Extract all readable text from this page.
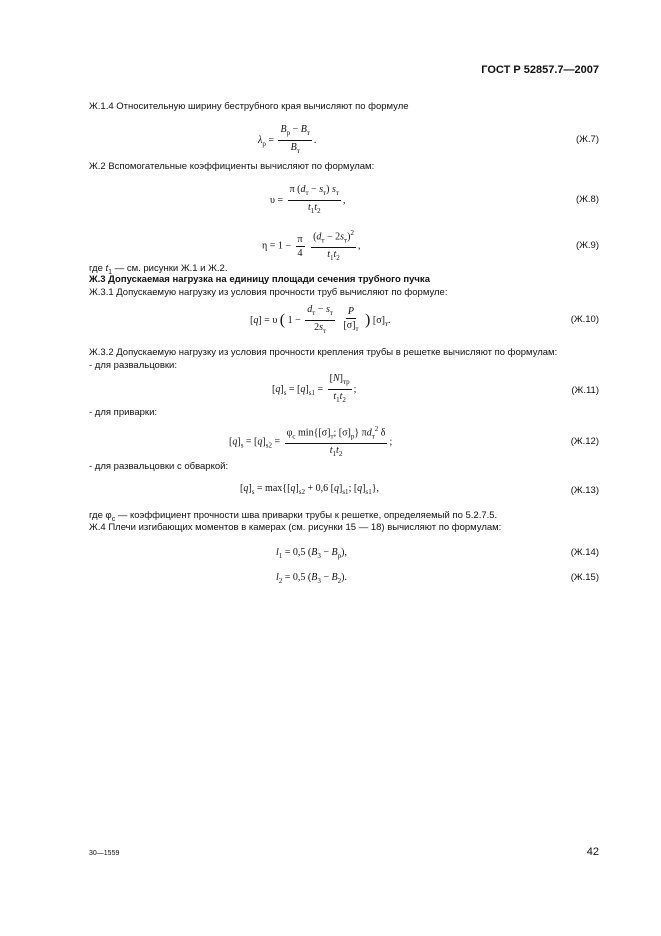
ГОСТ Р 52857.7—2007
Ж.1.4 Относительную ширину беструбного края вычисляют по формуле
$\lambda_р = \frac{B_р - B_т}{B_т}$ .	(Ж.7)
Ж.2 Вспомогательные коэффициенты вычисляют по формулам:
$\upsilon = \frac{\pi (d_т - s_т) s_т}{t_1t_2}$ ,	(Ж.8)
$\eta = 1 - \frac{\pi}{4}$
$\frac{(d_т - 2s_т)^2}{t_1t_2}$ ,	(Ж.9)
где $t_1$ — см. рисунки Ж.1 и Ж.2.
Ж.3 Допускаемая нагрузка на единицу площади сечения трубного пучка
Ж.3.1 Допускаемую нагрузку из условия прочности труб вычисляют по формуле:
[q] = υ ( $1 - \frac{d_т - s_т}{2s_т}$
$\frac{P}{[\sigma]_т}$ ) $[\sigma]_т$.	(Ж.10)
Ж.3.2 Допускаемую нагрузку из условия прочности крепления трубы в решетке вычисляют по формулам:
- для развальцовки:
$[q]_s = [q]_{s1} = \frac{[N]_{тр}}{t_1t_2}$ ;	(Ж.11)
- для приварки:
$[q]_s = [q]_{s2} = \frac{\varphi_с \min\{[\sigma]_т; [\sigma]_р\} \pi d_т^2 \delta}{t_1t_2}$ ;	(Ж.12)
- для развальцовки с обваркой:
$[q]_s = \max\{[q]_{s2} + 0,6$ $[q]_{s1}$; $[q]_{s1}$},	(Ж.13)
где $\varphi_с$ — коэффициент прочности шва приварки трубы к решетке, определяемый по 5.2.7.5.
Ж.4 Плечи изгибающих моментов в камерах (см. рисунки 15 — 18) вычисляют по формулам:
$l_1 = 0,5$ $(B_3 - B_р)$,	(Ж.14)
$l_2 = 0,5$ $(B_3 - B_2)$.	(Ж.15)
30—1559	42
